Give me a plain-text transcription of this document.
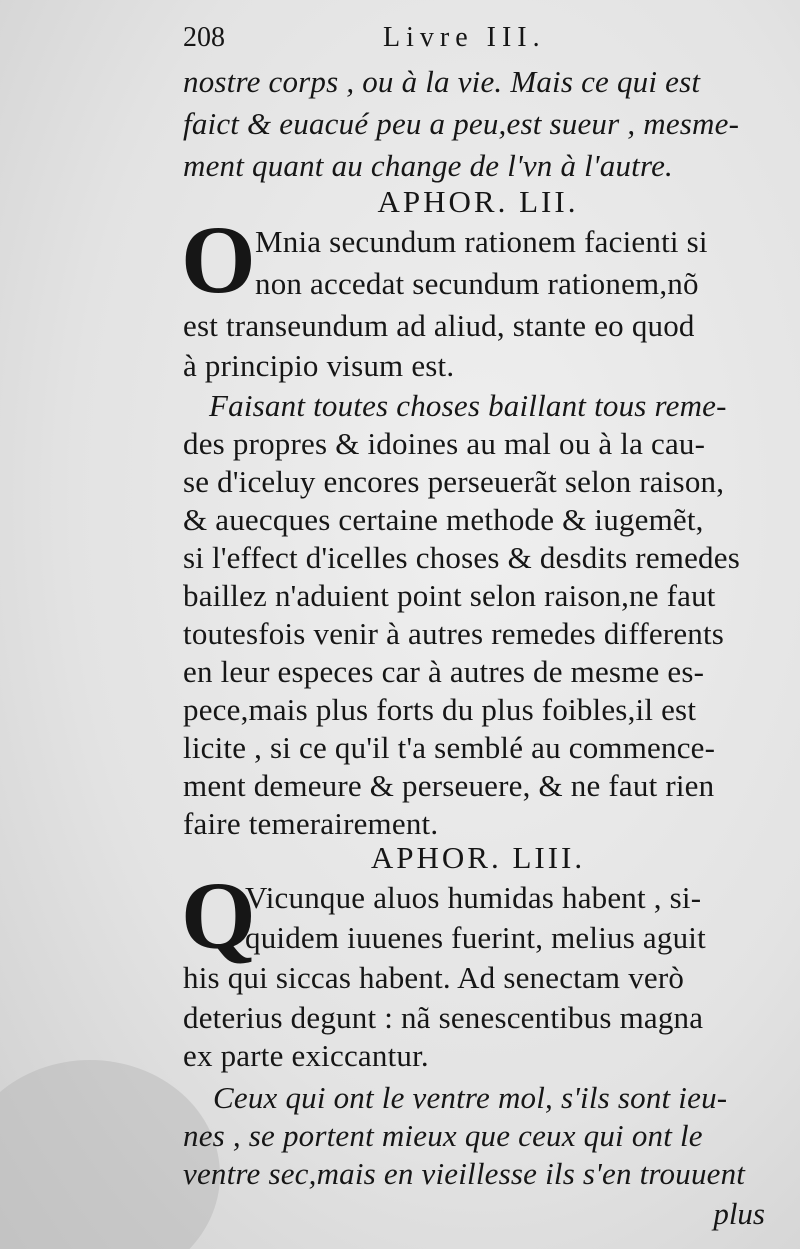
208	Livre III.
nostre corps , ou à la vie. Mais ce qui est
faict & euacué peu a peu,est sueur , mesme-
ment quant au change de l'vn à l'autre.
APHOR. LII.
O Mnia secundum rationem facienti si
non accedat secundum rationem,nõ
est transeundum ad aliud, stante eo quod
à principio visum est.
Faisant toutes choses baillant tous reme-
des propres & idoines au mal ou à la cau-
se d'iceluy encores perseuerãt selon raison,
& auecques certaine methode & iugemẽt,
si l'effect d'icelles choses & desdits remedes
baillez n'aduient point selon raison,ne faut
toutesfois venir à autres remedes differents
en leur especes car à autres de mesme es-
pece,mais plus forts du plus foibles,il est
licite , si ce qu'il t'a semblé au commence-
ment demeure & perseuere, & ne faut rien
faire temerairement.
APHOR. LIII.
Q
Vicunque aluos humidas habent , si-
quidem iuuenes fuerint, melius aguit
his qui siccas habent. Ad senectam verò
deterius degunt : nã senescentibus magna
ex parte exiccantur.
Ceux qui ont le ventre mol, s'ils sont ieu-
nes , se portent mieux que ceux qui ont le
ventre sec,mais en vieillesse ils s'en trouuent
plus
